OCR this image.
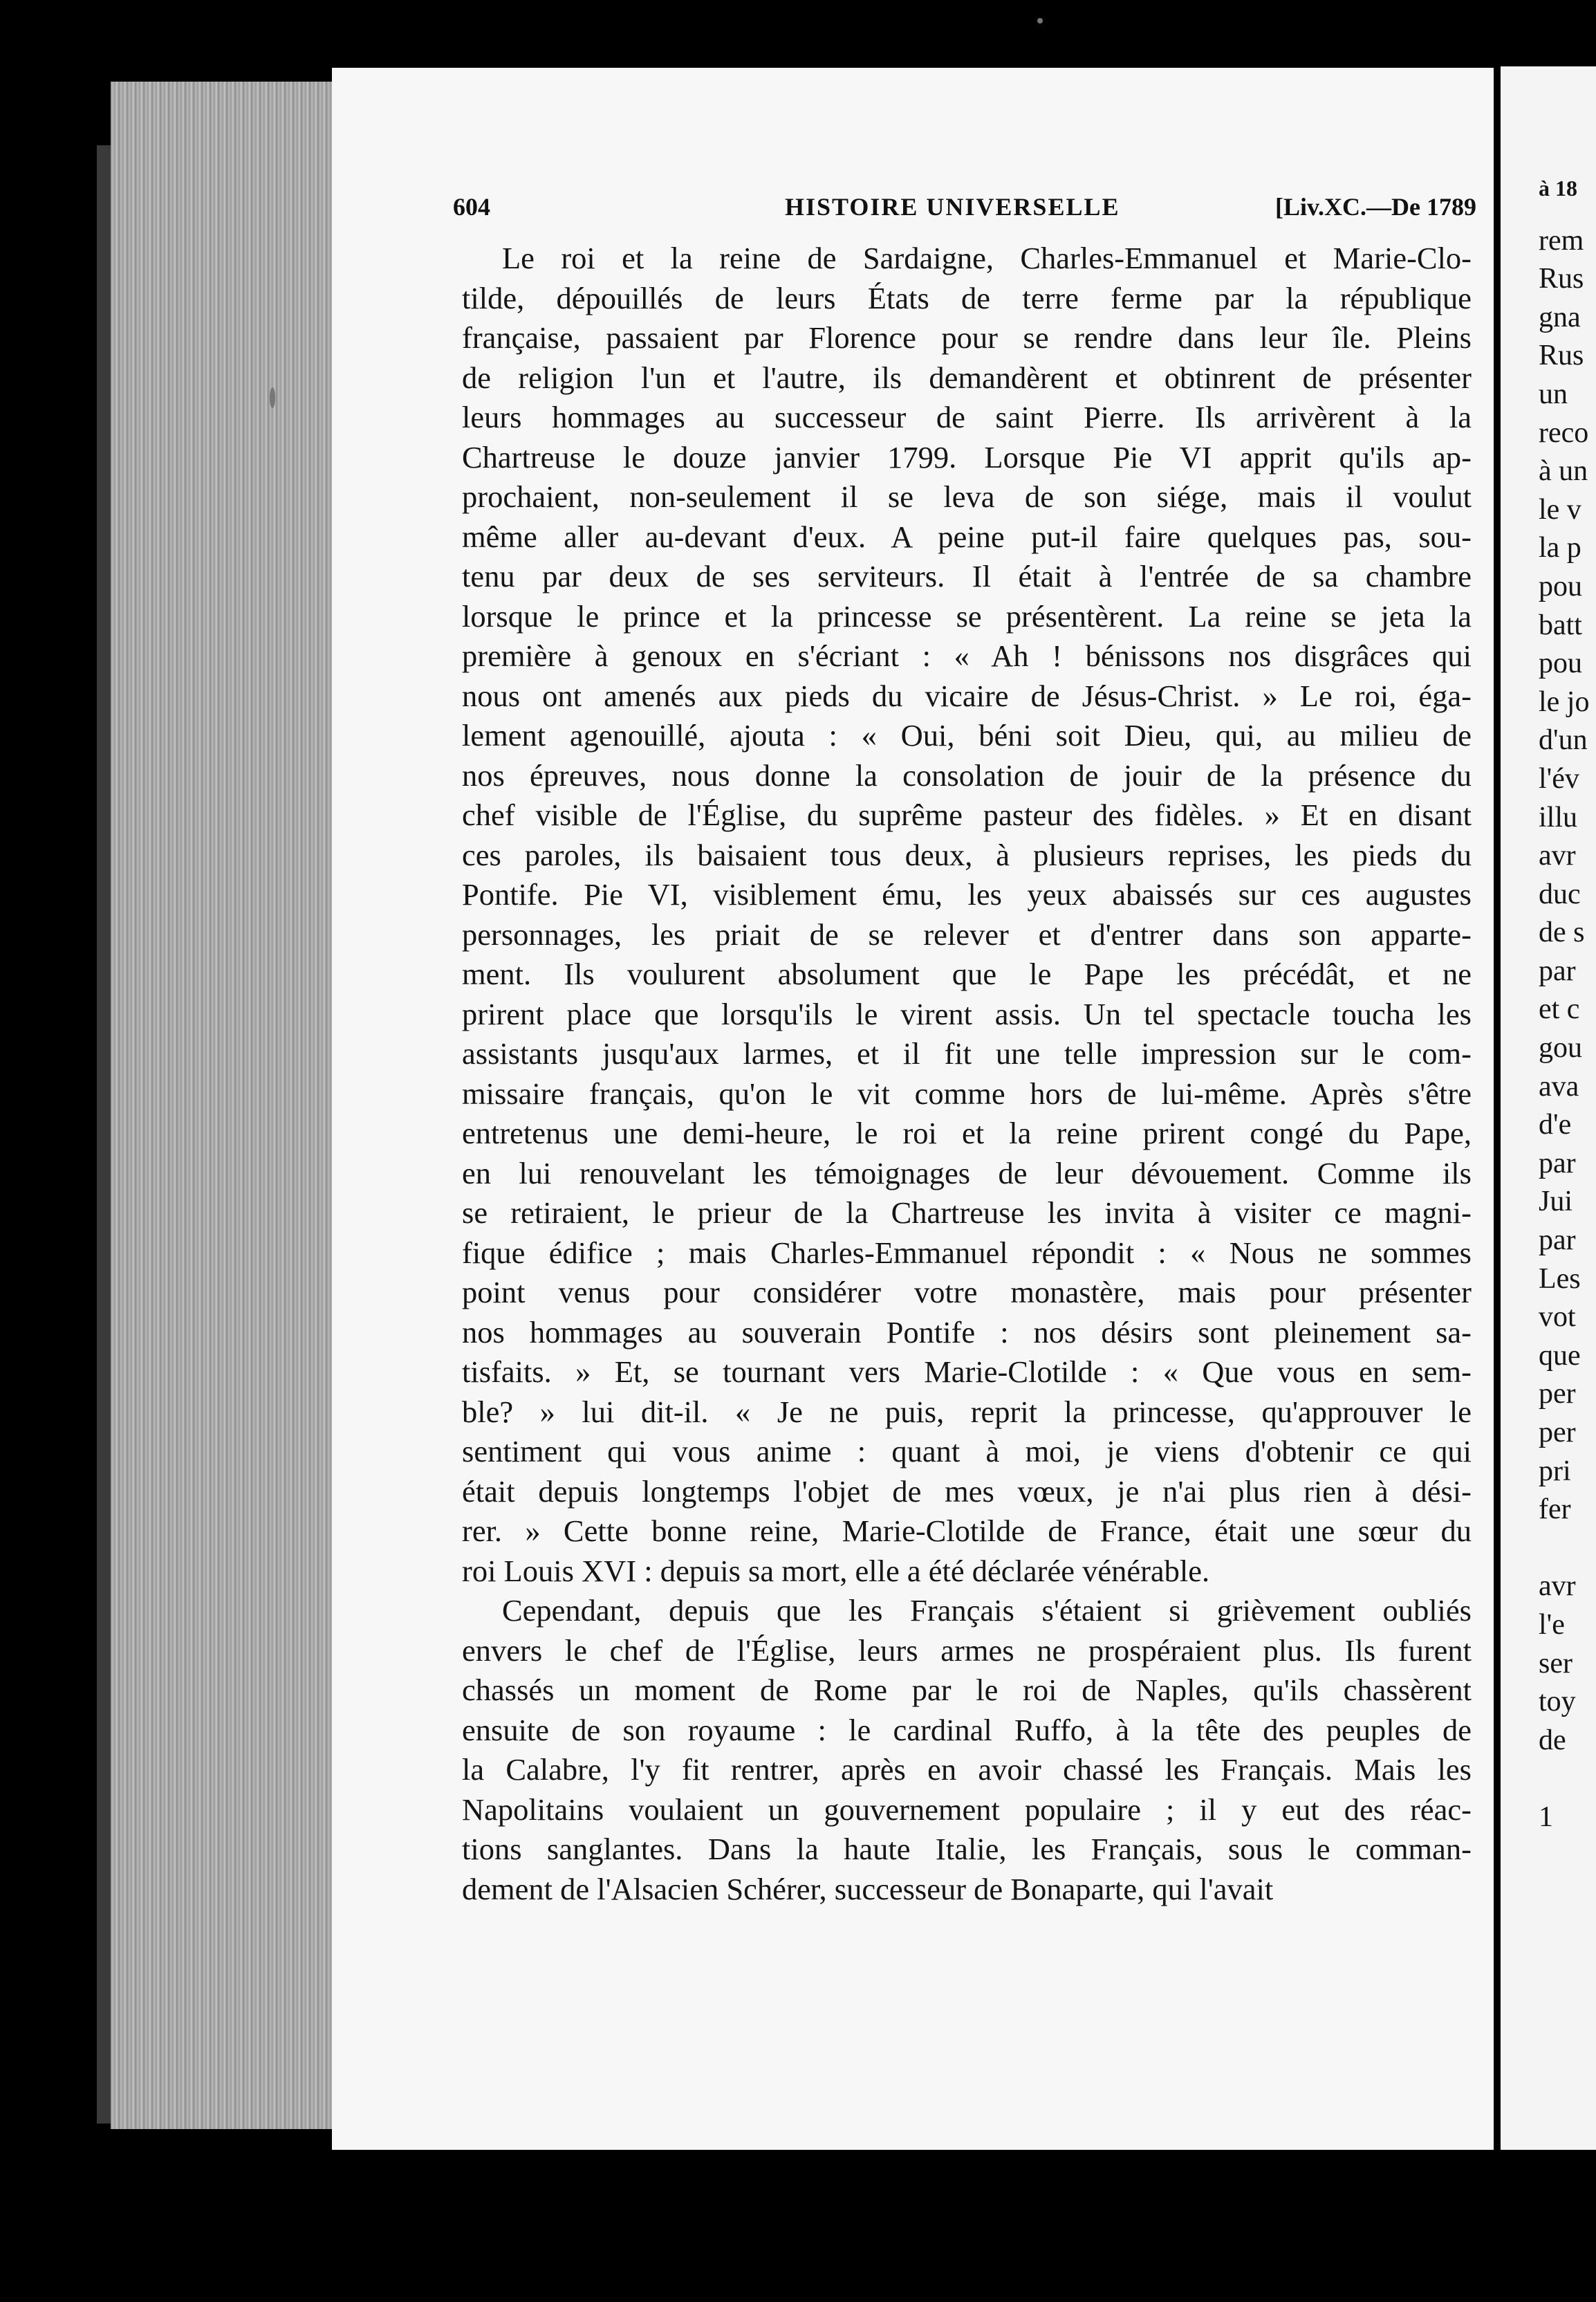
604	HISTOIRE UNIVERSELLE	[Liv.XC.—De 1789
Le roi et la reine de Sardaigne, Charles-Emmanuel et Marie-Clo-
tilde, dépouillés de leurs États de terre ferme par la république
française, passaient par Florence pour se rendre dans leur île. Pleins
de religion l'un et l'autre, ils demandèrent et obtinrent de présenter
leurs hommages au successeur de saint Pierre. Ils arrivèrent à la
Chartreuse le douze janvier 1799. Lorsque Pie VI apprit qu'ils ap-
prochaient, non-seulement il se leva de son siége, mais il voulut
même aller au-devant d'eux. A peine put-il faire quelques pas, sou-
tenu par deux de ses serviteurs. Il était à l'entrée de sa chambre
lorsque le prince et la princesse se présentèrent. La reine se jeta la
première à genoux en s'écriant : « Ah ! bénissons nos disgrâces qui
nous ont amenés aux pieds du vicaire de Jésus-Christ. » Le roi, éga-
lement agenouillé, ajouta : « Oui, béni soit Dieu, qui, au milieu de
nos épreuves, nous donne la consolation de jouir de la présence du
chef visible de l'Église, du suprême pasteur des fidèles. » Et en disant
ces paroles, ils baisaient tous deux, à plusieurs reprises, les pieds du
Pontife. Pie VI, visiblement ému, les yeux abaissés sur ces augustes
personnages, les priait de se relever et d'entrer dans son apparte-
ment. Ils voulurent absolument que le Pape les précédât, et ne
prirent place que lorsqu'ils le virent assis. Un tel spectacle toucha les
assistants jusqu'aux larmes, et il fit une telle impression sur le com-
missaire français, qu'on le vit comme hors de lui-même. Après s'être
entretenus une demi-heure, le roi et la reine prirent congé du Pape,
en lui renouvelant les témoignages de leur dévouement. Comme ils
se retiraient, le prieur de la Chartreuse les invita à visiter ce magni-
fique édifice ; mais Charles-Emmanuel répondit : « Nous ne sommes
point venus pour considérer votre monastère, mais pour présenter
nos hommages au souverain Pontife : nos désirs sont pleinement sa-
tisfaits. » Et, se tournant vers Marie-Clotilde : « Que vous en sem-
ble? » lui dit-il. « Je ne puis, reprit la princesse, qu'approuver le
sentiment qui vous anime : quant à moi, je viens d'obtenir ce qui
était depuis longtemps l'objet de mes vœux, je n'ai plus rien à dési-
rer. » Cette bonne reine, Marie-Clotilde de France, était une sœur du
roi Louis XVI : depuis sa mort, elle a été déclarée vénérable.
Cependant, depuis que les Français s'étaient si grièvement oubliés
envers le chef de l'Église, leurs armes ne prospéraient plus. Ils furent
chassés un moment de Rome par le roi de Naples, qu'ils chassèrent
ensuite de son royaume : le cardinal Ruffo, à la tête des peuples de
la Calabre, l'y fit rentrer, après en avoir chassé les Français. Mais les
Napolitains voulaient un gouvernement populaire ; il y eut des réac-
tions sanglantes. Dans la haute Italie, les Français, sous le comman-
dement de l'Alsacien Schérer, successeur de Bonaparte, qui l'avait
à 18
rem
Rus
gna
Rus
un
reco
à un
le v
la p
pou
batt
pou
le jo
d'un
l'év
illu
avr
duc
de s
par
et c
gou
ava
d'e
par
Jui
par
Les
vot
que
per
per
pri
fer
avr
l'e
ser
toy
de
1
